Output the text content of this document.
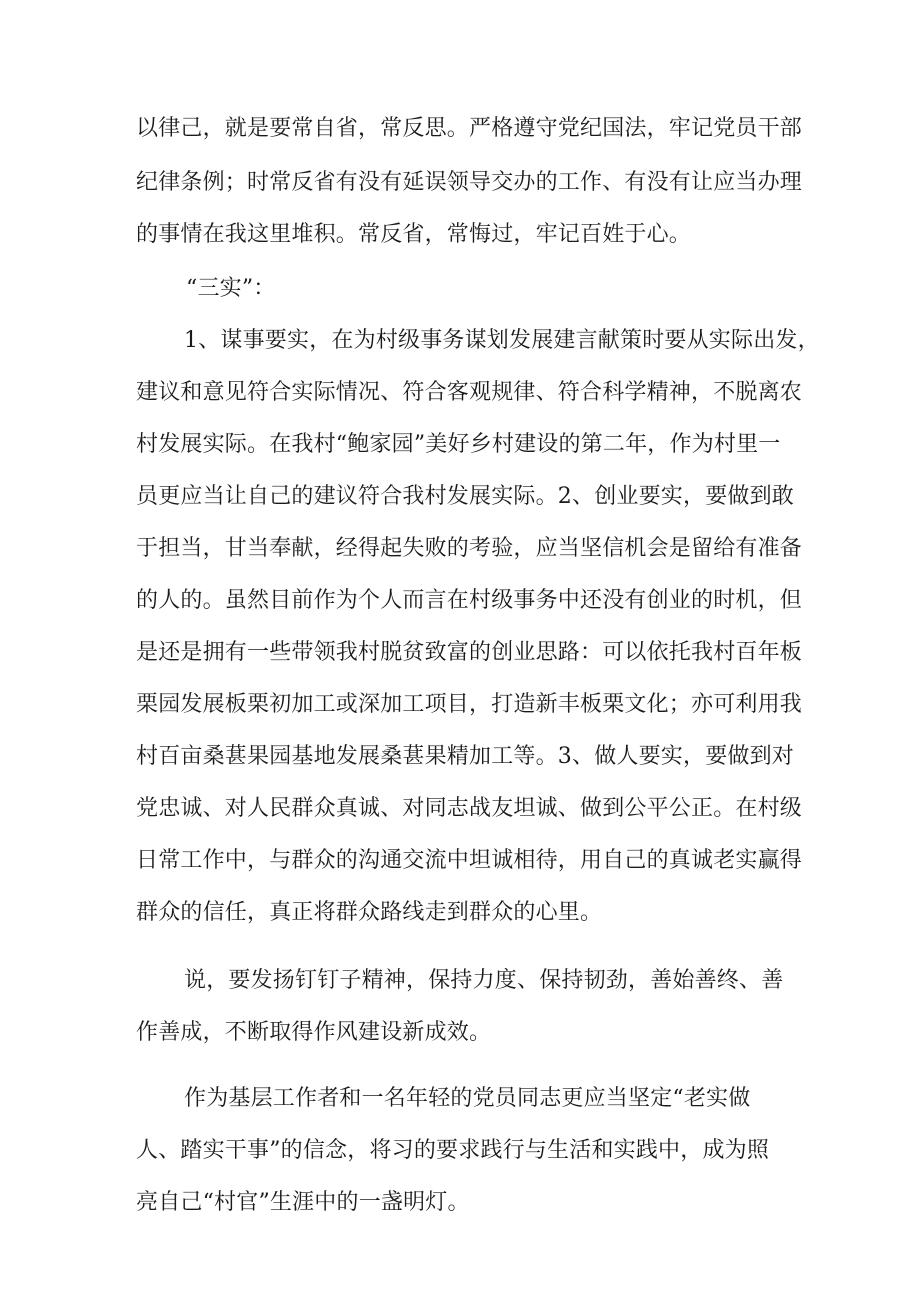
以律己，就是要常自省，常反思。严格遵守党纪国法，牢记党员干部
纪律条例；时常反省有没有延误领导交办的工作、有没有让应当办理
的事情在我这里堆积。常反省，常悔过，牢记百姓于心。
“三实”：
1、谋事要实，在为村级事务谋划发展建言献策时要从实际出发，
建议和意见符合实际情况、符合客观规律、符合科学精神，不脱离农
村发展实际。在我村“鲍家园”美好乡村建设的第二年，作为村里一
员更应当让自己的建议符合我村发展实际。2、创业要实，要做到敢
于担当，甘当奉献，经得起失败的考验，应当坚信机会是留给有准备
的人的。虽然目前作为个人而言在村级事务中还没有创业的时机，但
是还是拥有一些带领我村脱贫致富的创业思路：可以依托我村百年板
栗园发展板栗初加工或深加工项目，打造新丰板栗文化；亦可利用我
村百亩桑葚果园基地发展桑葚果精加工等。3、做人要实，要做到对
党忠诚、对人民群众真诚、对同志战友坦诚、做到公平公正。在村级
日常工作中，与群众的沟通交流中坦诚相待，用自己的真诚老实赢得
群众的信任，真正将群众路线走到群众的心里。
说，要发扬钉钉子精神，保持力度、保持韧劲，善始善终、善
作善成，不断取得作风建设新成效。
作为基层工作者和一名年轻的党员同志更应当坚定“老实做
人、踏实干事”的信念，将习的要求践行与生活和实践中，成为照
亮自己“村官”生涯中的一盏明灯。
